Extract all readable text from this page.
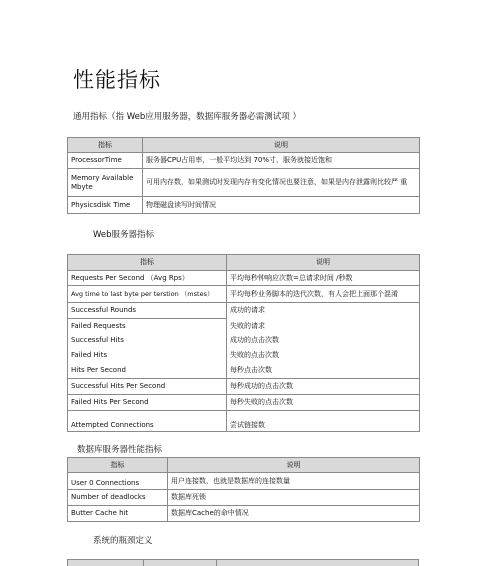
性能指标
通用指标（指 Web应用服务器，数据库服务器必需测试项 ）
指标	说明
ProcessorTime	服务器CPU占用率，一般平均达到 70%寸，服务就接近饱和
Memory Available Mbyte	可用内存数，如果测试时发现内存有变化情况也要注意，如果是内存泄露则比较严 重
Physicsdisk Time	物理磁盘读写时间情况
Web服务器指标
指标	说明
Requests Per Second （Avg Rps）	平均每秒钟响应次数=总请求时间 /秒数
Avg time to last byte per terstion （mstes）	平均每秒业务脚本的迭代次数，有人会把上面那个混淆
Successful Rounds	成功的请求
Failed Requests	失败的请求
Successful Hits	成功的点击次数
Failed Hits	失败的点击次数
Hits Per Second	每秒点击次数
Successful Hits Per Second	每秒成功的点击次数
Failed Hits Per Second	每秒失败的点击次数
Attempted Connections	尝试链接数
数据库服务器性能指标
指标	说明
User 0 Connections	用户连接数，也就是数据库的连接数量
Number of deadlocks	数据库死锁
Butter Cache hit	数据库Cache的命中情况
系统的瓶颈定义
